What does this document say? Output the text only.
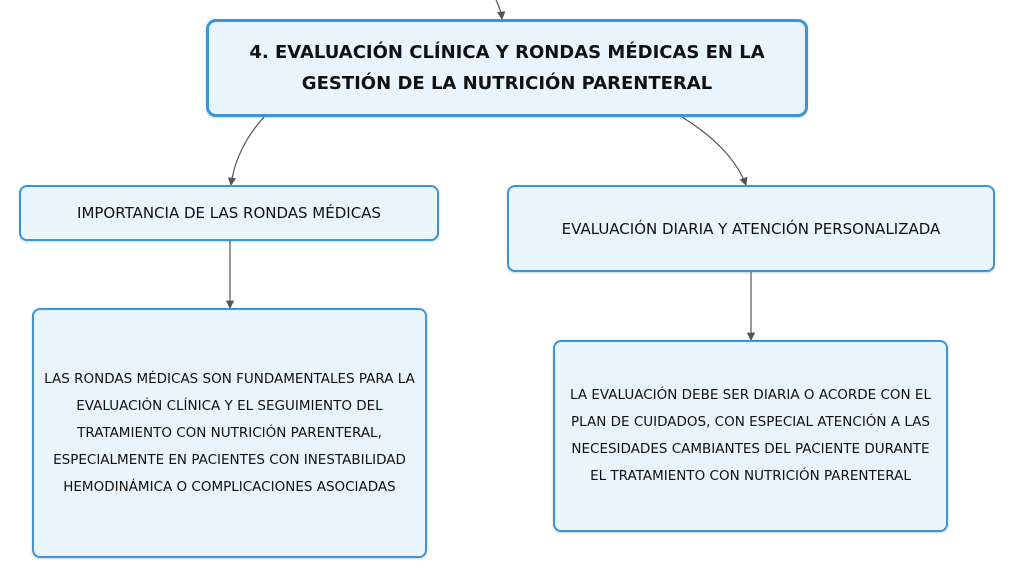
4. EVALUACIÓN CLÍNICA Y RONDAS MÉDICAS EN LA GESTIÓN DE LA NUTRICIÓN PARENTERAL
IMPORTANCIA DE LAS RONDAS MÉDICAS
EVALUACIÓN DIARIA Y ATENCIÓN PERSONALIZADA
LAS RONDAS MÉDICAS SON FUNDAMENTALES PARA LA EVALUACIÓN CLÍNICA Y EL SEGUIMIENTO DEL TRATAMIENTO CON NUTRICIÓN PARENTERAL, ESPECIALMENTE EN PACIENTES CON INESTABILIDAD HEMODINÁMICA O COMPLICACIONES ASOCIADAS
LA EVALUACIÓN DEBE SER DIARIA O ACORDE CON EL PLAN DE CUIDADOS, CON ESPECIAL ATENCIÓN A LAS NECESIDADES CAMBIANTES DEL PACIENTE DURANTE EL TRATAMIENTO CON NUTRICIÓN PARENTERAL
